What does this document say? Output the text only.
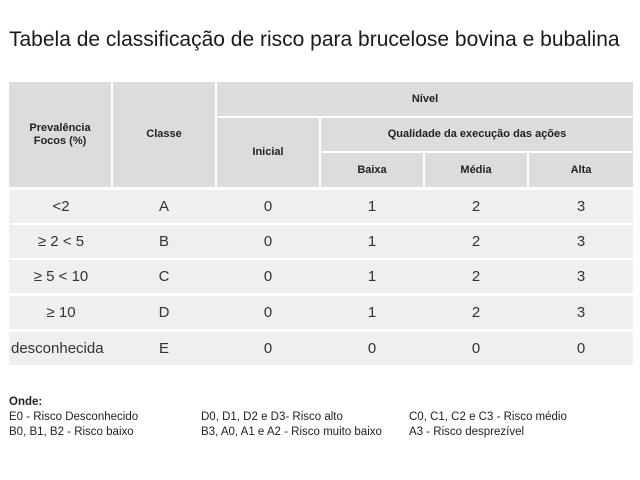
Tabela de classificação de risco para brucelose bovina e bubalina
Prevalência Focos (%)
Classe
Nível
Inicial
Qualidade da execução das ações
Baixa	Média	Alta
<2	A	0	1	2	3
≥ 2 < 5	B	0	1	2	3
≥ 5 < 10	C	0	1	2	3
≥ 10	D	0	1	2	3
desconhecida	E	0	0	0	0
Onde:
E0 - Risco Desconhecido
B0, B1, B2 - Risco baixo
D0, D1, D2 e D3- Risco alto
B3, A0, A1 e A2 - Risco muito baixo
C0, C1, C2 e C3 - Risco médio
A3 - Risco desprezível
